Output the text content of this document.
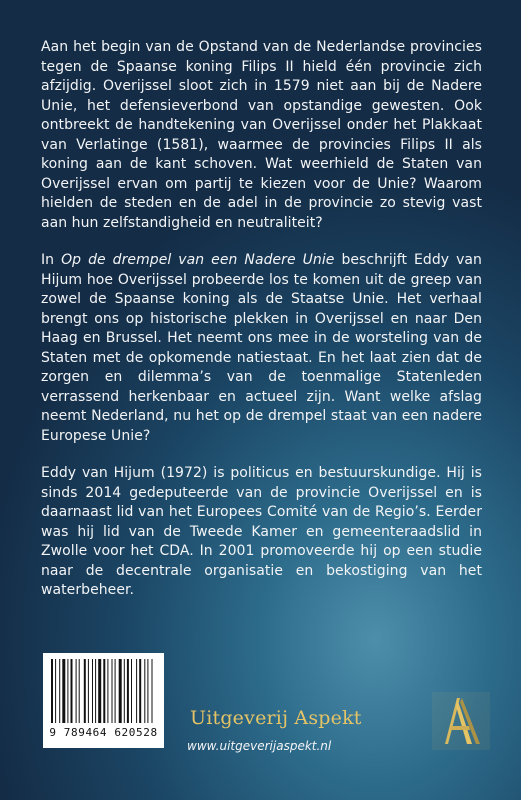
Aan het begin van de Opstand van de Nederlandse provincies tegen de Spaanse koning Filips II hield één provincie zich afzijdig. Overijssel sloot zich in 1579 niet aan bij de Nadere Unie, het defensieverbond van opstandige gewesten. Ook ontbreekt de handtekening van Overijssel onder het Plakkaat van Verlatinge (1581), waarmee de provincies Filips II als koning aan de kant schoven. Wat weerhield de Staten van Overijssel ervan om partij te kiezen voor de Unie? Waarom hielden de steden en de adel in de provincie zo stevig vast aan hun zelfstandigheid en neutraliteit?

In Op de drempel van een Nadere Unie beschrijft Eddy van Hijum hoe Overijssel probeerde los te komen uit de greep van zowel de Spaanse koning als de Staatse Unie. Het verhaal brengt ons op historische plekken in Overijssel en naar Den Haag en Brussel. Het neemt ons mee in de worsteling van de Staten met de opkomende natiestaat. En het laat zien dat de zorgen en dilemma’s van de toenmalige Statenleden verrassend herkenbaar en actueel zijn. Want welke afslag neemt Nederland, nu het op de drempel staat van een nadere Europese Unie?

Eddy van Hijum (1972) is politicus en bestuurskundige. Hij is sinds 2014 gedeputeerde van de provincie Overijssel en is daarnaast lid van het Europees Comité van de Regio’s. Eerder was hij lid van de Tweede Kamer en gemeenteraadslid in Zwolle voor het CDA. In 2001 promoveerde hij op een studie naar de decentrale organisatie en bekostiging van het waterbeheer.

9 789464 620528
Uitgeverij Aspekt
www.uitgeverijaspekt.nl
